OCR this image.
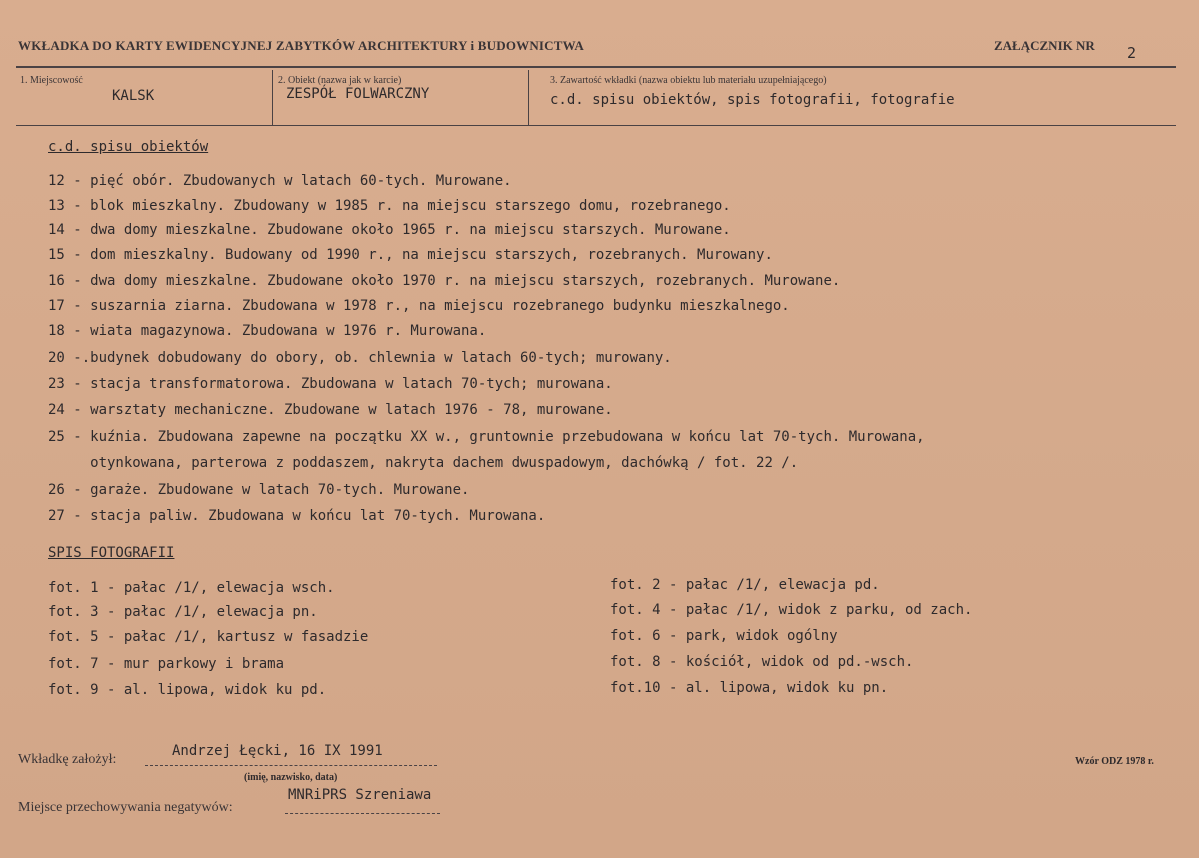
WKŁADKA DO KARTY EWIDENCYJNEJ ZABYTKÓW ARCHITEKTURY i BUDOWNICTWA	ZAŁĄCZNIK NR 2
1. Miejscowość
KALSK
2. Obiekt (nazwa jak w karcie)
ZESPÓŁ FOLWARCZNY
3. Zawartość wkładki (nazwa obiektu lub materiału uzupełniającego)
c.d. spisu obiektów, spis fotografii, fotografie
c.d. spisu obiektów
12 - pięć obór. Zbudowanych w latach 60-tych. Murowane.
13 - blok mieszkalny. Zbudowany w 1985 r. na miejscu starszego domu, rozebranego.
14 - dwa domy mieszkalne. Zbudowane około 1965 r. na miejscu starszych. Murowane.
15 - dom mieszkalny. Budowany od 1990 r., na miejscu starszych, rozebranych. Murowany.
16 - dwa domy mieszkalne. Zbudowane około 1970 r. na miejscu starszych, rozebranych. Murowane.
17 - suszarnia ziarna. Zbudowana w 1978 r., na miejscu rozebranego budynku mieszkalnego.
18 - wiata magazynowa. Zbudowana w 1976 r. Murowana.
20 -.budynek dobudowany do obory, ob. chlewnia w latach 60-tych; murowany.
23 - stacja transformatorowa. Zbudowana w latach 70-tych; murowana.
24 - warsztaty mechaniczne. Zbudowane w latach 1976 - 78, murowane.
25 - kuźnia. Zbudowana zapewne na początku XX w., gruntownie przebudowana w końcu lat 70-tych. Murowana,
otynkowana, parterowa z poddaszem, nakryta dachem dwuspadowym, dachówką / fot. 22 /.
26 - garaże. Zbudowane w latach 70-tych. Murowane.
27 - stacja paliw. Zbudowana w końcu lat 70-tych. Murowana.
SPIS FOTOGRAFII
fot. 1 - pałac /1/, elewacja wsch.
fot. 3 - pałac /1/, elewacja pn.
fot. 5 - pałac /1/, kartusz w fasadzie
fot. 7 - mur parkowy i brama
fot. 9 - al. lipowa, widok ku pd.
fot. 2 - pałac /1/, elewacja pd.
fot. 4 - pałac /1/, widok z parku, od zach.
fot. 6 - park, widok ogólny
fot. 8 - kościół, widok od pd.-wsch.
fot.10 - al. lipowa, widok ku pn.
Wkładkę założył:
Andrzej Łęcki, 16 IX 1991
(imię, nazwisko, data)
Miejsce przechowywania negatywów:
MNRiPRS Szreniawa
Wzór ODZ 1978 r.
